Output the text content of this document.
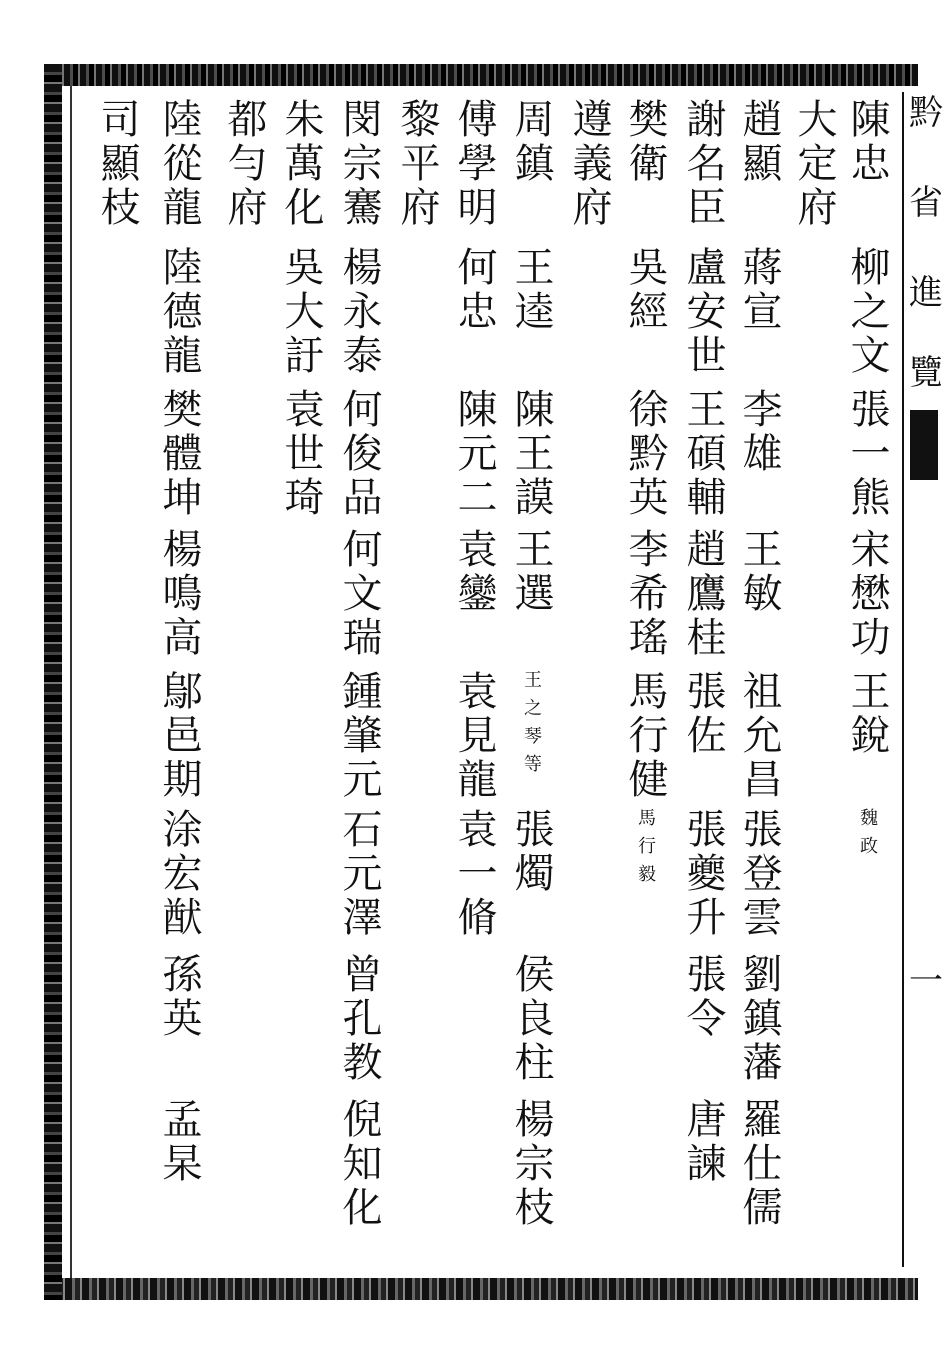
黔
省
進
覽
一
陳忠
柳之文
張一熊
宋懋功
王銳
魏政
大定府
趙顯
蔣宣
李雄
王敏
祖允昌
張登雲
劉鎮藩
羅仕儒
謝名臣
盧安世
王碩輔
趙鷹桂
張佐
張夔升
張令
唐諫
樊衛
吳經
徐黔英
李希瑤
馬行健
馬行毅
遵義府
周鎮
王逵
陳王謨
王選
王之琴等
張燭
侯良柱
楊宗枝
傅學明
何忠
陳元二
袁鑾
袁見龍
袁一脩
黎平府
閔宗騫
楊永泰
何俊品
何文瑞
鍾肇元
石元澤
曾孔教
倪知化
朱萬化
吳大訏
袁世琦
都勻府
陸從龍
陸德龍
樊體坤
楊鳴高
鄔邑期
涂宏猷
孫英
孟杲
司顯枝
